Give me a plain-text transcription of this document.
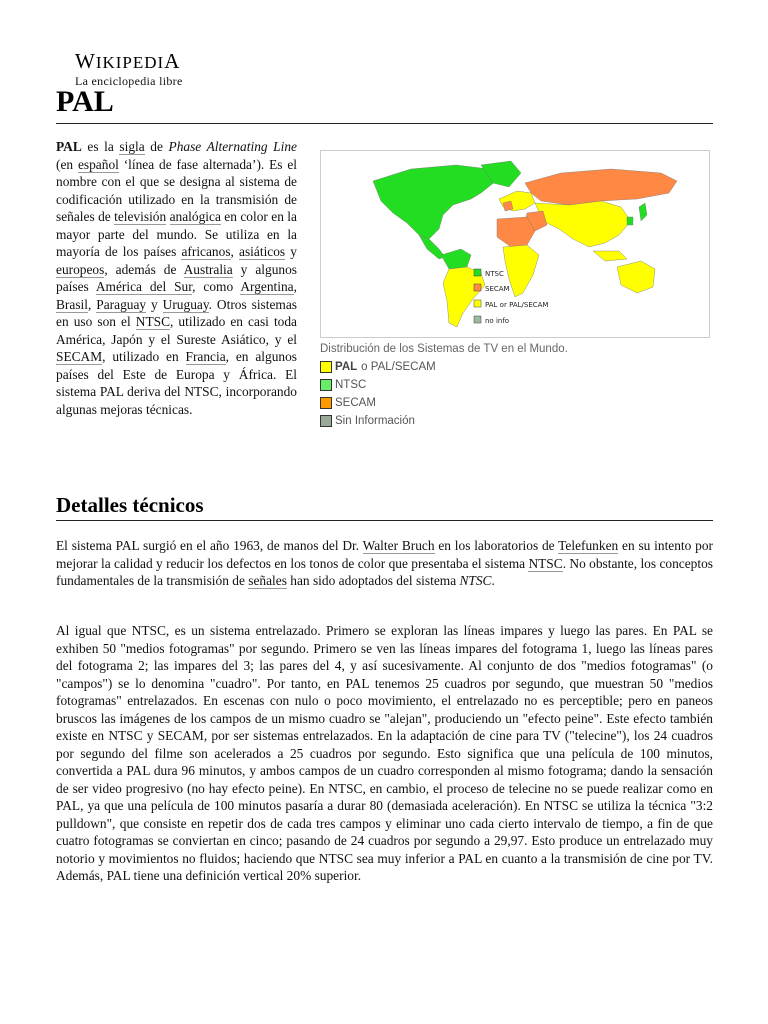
WIKIPEDIA
La enciclopedia libre
PAL
PAL es la sigla de Phase Alternating Line (en español ‘línea de fase alternada’). Es el nombre con el que se designa al sistema de codificación utilizado en la transmisión de señales de televisión analógica en color en la mayor parte del mundo. Se utiliza en la mayoría de los países africanos, asiáticos y europeos, además de Australia y algunos países América del Sur, como Argentina, Brasil, Paraguay y Uruguay. Otros sistemas en uso son el NTSC, utilizado en casi toda América, Japón y el Sureste Asiático, y el SECAM, utilizado en Francia, en algunos países del Este de Europa y África. El sistema PAL deriva del NTSC, incorporando algunas mejoras técnicas.
NTSC
SECAM
PAL or PAL/SECAM
no info
Distribución de los Sistemas de TV en el Mundo.
PAL o PAL/SECAM
NTSC
SECAM
Sin Información
Detalles técnicos

El sistema PAL surgió en el año 1963, de manos del Dr. Walter Bruch en los laboratorios de Telefunken en su intento por mejorar la calidad y reducir los defectos en los tonos de color que presentaba el sistema NTSC. No obstante, los conceptos fundamentales de la transmisión de señales han sido adoptados del sistema NTSC.

Al igual que NTSC, es un sistema entrelazado. Primero se exploran las líneas impares y luego las pares. En PAL se exhiben 50 "medios fotogramas" por segundo. Primero se ven las líneas impares del fotograma 1, luego las líneas pares del fotograma 2; las impares del 3; las pares del 4, y así sucesivamente. Al conjunto de dos "medios fotogramas" (o "campos") se lo denomina "cuadro". Por tanto, en PAL tenemos 25 cuadros por segundo, que muestran 50 "medios fotogramas" entrelazados. En escenas con nulo o poco movimiento, el entrelazado no es perceptible; pero en paneos bruscos las imágenes de los campos de un mismo cuadro se "alejan", produciendo un "efecto peine". Este efecto también existe en NTSC y SECAM, por ser sistemas entrelazados. En la adaptación de cine para TV ("telecine"), los 24 cuadros por segundo del filme son acelerados a 25 cuadros por segundo. Esto significa que una película de 100 minutos, convertida a PAL dura 96 minutos, y ambos campos de un cuadro corresponden al mismo fotograma; dando la sensación de ser video progresivo (no hay efecto peine). En NTSC, en cambio, el proceso de telecine no se puede realizar como en PAL, ya que una película de 100 minutos pasaría a durar 80 (demasiada aceleración). En NTSC se utiliza la técnica "3:2 pulldown", que consiste en repetir dos de cada tres campos y eliminar uno cada cierto intervalo de tiempo, a fin de que cuatro fotogramas se conviertan en cinco; pasando de 24 cuadros por segundo a 29,97. Esto produce un entrelazado muy notorio y movimientos no fluidos; haciendo que NTSC sea muy inferior a PAL en cuanto a la transmisión de cine por TV. Además, PAL tiene una definición vertical 20% superior.
